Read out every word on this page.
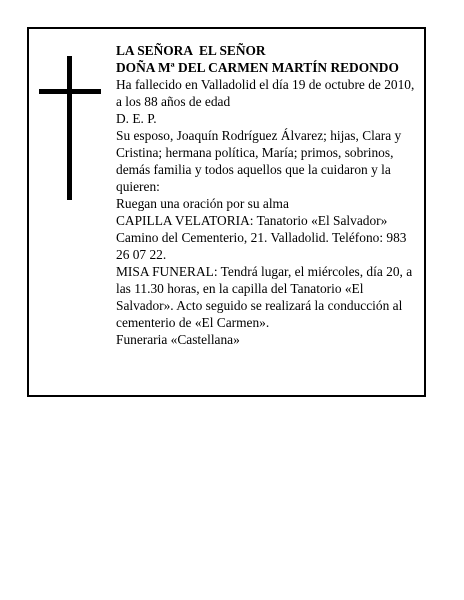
LA SEÑORA  EL SEÑOR

DOÑA Mª DEL CARMEN MARTÍN REDONDO

Ha fallecido en Valladolid el día 19 de octubre de 2010, a los 88 años de edad

D. E. P.

Su esposo, Joaquín Rodríguez Álvarez; hijas, Clara y Cristina; hermana política, María; primos, sobrinos, demás familia y todos aquellos que la cuidaron y la quieren:

Ruegan una oración por su alma

CAPILLA VELATORIA: Tanatorio «El Salvador» Camino del Cementerio, 21. Valladolid. Teléfono: 983 26 07 22.

MISA FUNERAL: Tendrá lugar, el miércoles, día 20, a las 11.30 horas, en la capilla del Tanatorio «El Salvador». Acto seguido se realizará la conducción al cementerio de «El Carmen».

Funeraria «Castellana»
